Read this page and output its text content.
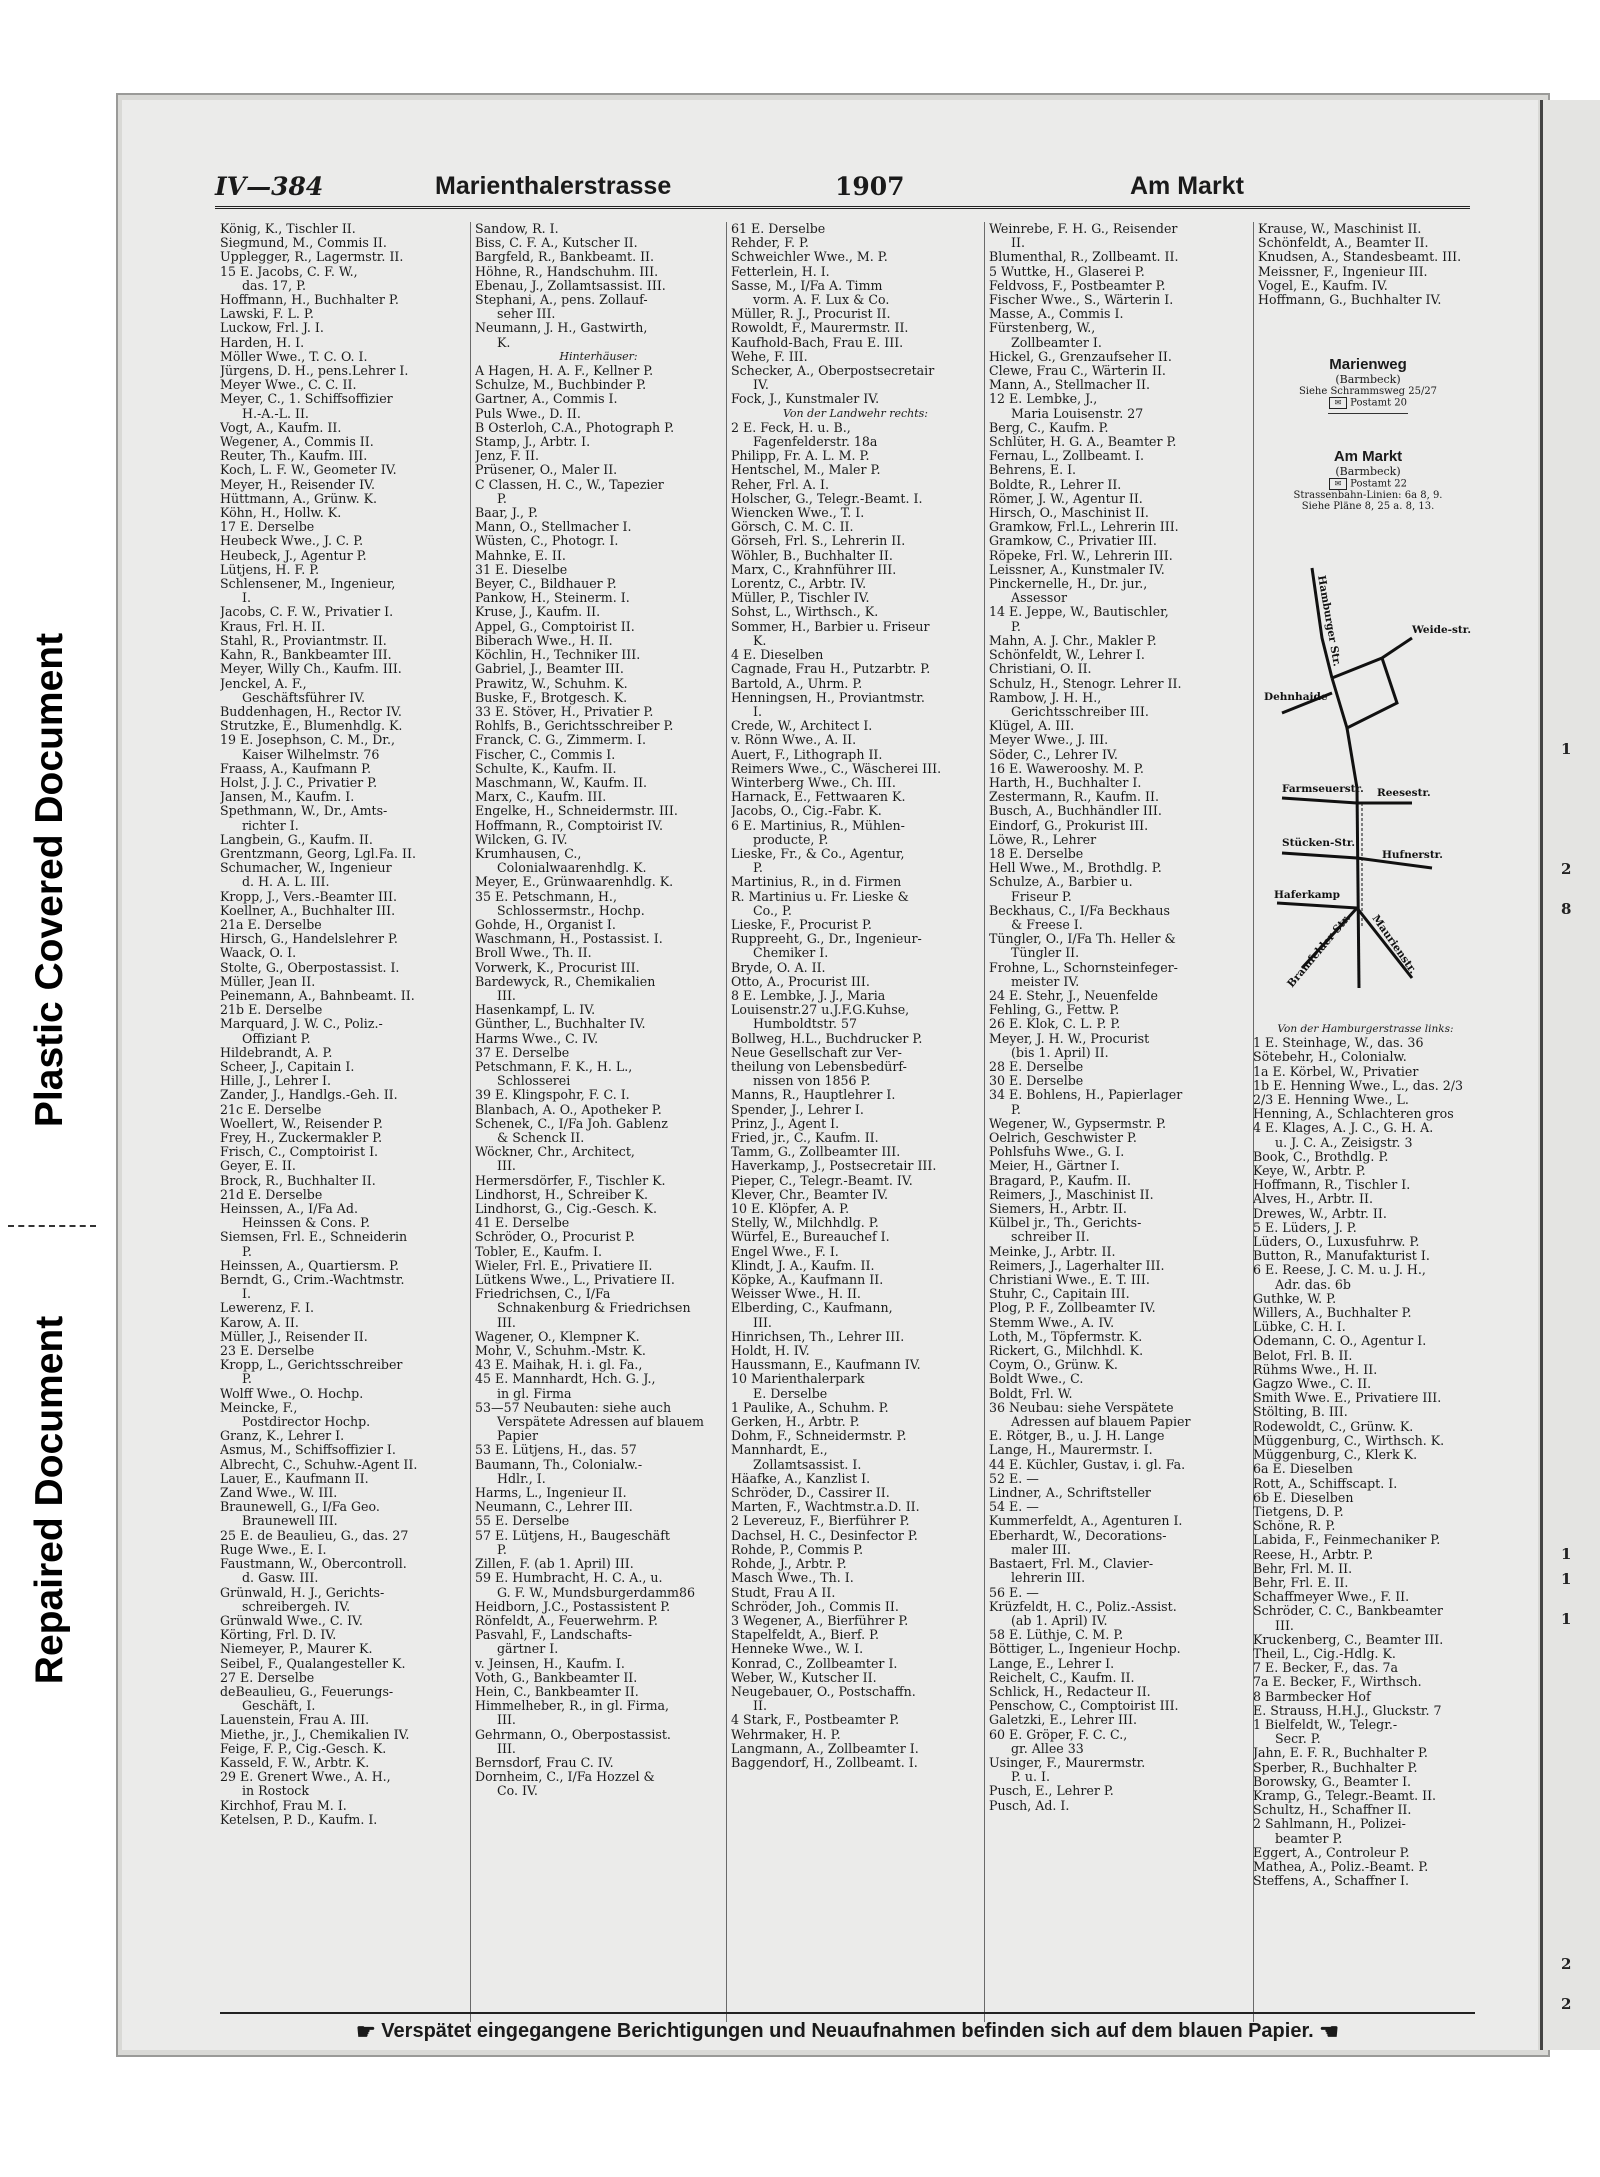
Plastic Covered Document
Repaired Document
1
2
8
1
1
1
2
2
IV—384	Marienthalerstrasse	1907	Am Markt
König, K., Tischler II.
Siegmund, M., Commis II.
Upplegger, R., Lagermstr. II.
15 E. Jacobs, C. F. W.,
das. 17, P.
Hoffmann, H., Buchhalter P.
Lawski, F. L. P.
Luckow, Frl. J. I.
Harden, H. I.
Möller Wwe., T. C. O. I.
Jürgens, D. H., pens.Lehrer I.
Meyer Wwe., C. C. II.
Meyer, C., 1. Schiffsoffizier
H.-A.-L. II.
Vogt, A., Kaufm. II.
Wegener, A., Commis II.
Reuter, Th., Kaufm. III.
Koch, L. F. W., Geometer IV.
Meyer, H., Reisender IV.
Hüttmann, A., Grünw. K.
Köhn, H., Hollw. K.
17 E. Derselbe
Heubeck Wwe., J. C. P.
Heubeck, J., Agentur P.
Lütjens, H. F. P.
Schlensener, M., Ingenieur,
I.
Jacobs, C. F. W., Privatier I.
Kraus, Frl. H. II.
Stahl, R., Proviantmstr. II.
Kahn, R., Bankbeamter III.
Meyer, Willy Ch., Kaufm. III.
Jenckel, A. F.,
Geschäftsführer IV.
Buddenhagen, H., Rector IV.
Strutzke, E., Blumenhdlg. K.
19 E. Josephson, C. M., Dr.,
Kaiser Wilhelmstr. 76
Fraass, A., Kaufmann P.
Holst, J. J. C., Privatier P.
Jansen, M., Kaufm. I.
Spethmann, W., Dr., Amts-
richter I.
Langbein, G., Kaufm. II.
Grentzmann, Georg, Lgl.Fa. II.
Schumacher, W., Ingenieur
d. H. A. L. III.
Kropp, J., Vers.-Beamter III.
Koellner, A., Buchhalter III.
21a E. Derselbe
Hirsch, G., Handelslehrer P.
Waack, O. I.
Stolte, G., Oberpostassist. I.
Müller, Jean II.
Peinemann, A., Bahnbeamt. II.
21b E. Derselbe
Marquard, J. W. C., Poliz.-
Offiziant P.
Hildebrandt, A. P.
Scheer, J., Capitain I.
Hille, J., Lehrer I.
Zander, J., Handlgs.-Geh. II.
21c E. Derselbe
Woellert, W., Reisender P.
Frey, H., Zuckermakler P.
Frisch, C., Comptoirist I.
Geyer, E. II.
Brock, R., Buchhalter II.
21d E. Derselbe
Heinssen, A., I/Fa Ad.
Heinssen & Cons. P.
Siemsen, Frl. E., Schneiderin
P.
Heinssen, A., Quartiersm. P.
Berndt, G., Crim.-Wachtmstr.
I.
Lewerenz, F. I.
Karow, A. II.
Müller, J., Reisender II.
23 E. Derselbe
Kropp, L., Gerichtsschreiber
P.
Wolff Wwe., O. Hochp.
Meincke, F.,
Postdirector Hochp.
Granz, K., Lehrer I.
Asmus, M., Schiffsoffizier I.
Albrecht, C., Schuhw.-Agent II.
Lauer, E., Kaufmann II.
Zand Wwe., W. III.
Braunewell, G., I/Fa Geo.
Braunewell III.
25 E. de Beaulieu, G., das. 27
Ruge Wwe., E. I.
Faustmann, W., Obercontroll.
d. Gasw. III.
Grünwald, H. J., Gerichts-
schreibergeh. IV.
Grünwald Wwe., C. IV.
Körting, Frl. D. IV.
Niemeyer, P., Maurer K.
Seibel, F., Qualangesteller K.
27 E. Derselbe
deBeaulieu, G., Feuerungs-
Geschäft, I.
Lauenstein, Frau A. III.
Miethe, jr., J., Chemikalien IV.
Feige, F. P., Cig.-Gesch. K.
Kasseld, F. W., Arbtr. K.
29 E. Grenert Wwe., A. H.,
in Rostock
Kirchhof, Frau M. I.
Ketelsen, P. D., Kaufm. I.
Sandow, R. I.
Biss, C. F. A., Kutscher II.
Bargfeld, R., Bankbeamt. II.
Höhne, R., Handschuhm. III.
Ebenau, J., Zollamtsassist. III.
Stephani, A., pens. Zollauf-
seher III.
Neumann, J. H., Gastwirth,
K.
Hinterhäuser:
A Hagen, H. A. F., Kellner P.
Schulze, M., Buchbinder P.
Gartner, A., Commis I.
Puls Wwe., D. II.
B Osterloh, C.A., Photograph P.
Stamp, J., Arbtr. I.
Jenz, F. II.
Prüsener, O., Maler II.
C Classen, H. C., W., Tapezier
P.
Baar, J., P.
Mann, O., Stellmacher I.
Wüsten, C., Photogr. I.
Mahnke, E. II.
31 E. Dieselbe
Beyer, C., Bildhauer P.
Pankow, H., Steinerm. I.
Kruse, J., Kaufm. II.
Appel, G., Comptoirist II.
Biberach Wwe., H. II.
Köchlin, H., Techniker III.
Gabriel, J., Beamter III.
Prawitz, W., Schuhm. K.
Buske, F., Brotgesch. K.
33 E. Stöver, H., Privatier P.
Rohlfs, B., Gerichtsschreiber P.
Franck, C. G., Zimmerm. I.
Fischer, C., Commis I.
Schulte, K., Kaufm. II.
Maschmann, W., Kaufm. II.
Marx, C., Kaufm. III.
Engelke, H., Schneidermstr. III.
Hoffmann, R., Comptoirist IV.
Wilcken, G. IV.
Krumhausen, C.,
Colonialwaarenhdlg. K.
Meyer, E., Grünwaarenhdlg. K.
35 E. Petschmann, H.,
Schlossermstr., Hochp.
Gohde, H., Organist I.
Waschmann, H., Postassist. I.
Broll Wwe., Th. II.
Vorwerk, K., Procurist III.
Bardewyck, R., Chemikalien
III.
Hasenkampf, L. IV.
Günther, L., Buchhalter IV.
Harms Wwe., C. IV.
37 E. Derselbe
Petschmann, F. K., H. L.,
Schlosserei
39 E. Klingspohr, F. C. I.
Blanbach, A. O., Apotheker P.
Schenek, C., I/Fa Joh. Gablenz
& Schenck II.
Wöckner, Chr., Architect,
III.
Hermersdörfer, F., Tischler K.
Lindhorst, H., Schreiber K.
Lindhorst, G., Cig.-Gesch. K.
41 E. Derselbe
Schröder, O., Procurist P.
Tobler, E., Kaufm. I.
Wieler, Frl. E., Privatiere II.
Lütkens Wwe., L., Privatiere II.
Friedrichsen, C., I/Fa
Schnakenburg & Friedrichsen
III.
Wagener, O., Klempner K.
Mohr, V., Schuhm.-Mstr. K.
43 E. Maihak, H. i. gl. Fa.,
45 E. Mannhardt, Hch. G. J.,
in gl. Firma
53—57 Neubauten: siehe auch
Verspätete Adressen auf blauem
Papier
53 E. Lütjens, H., das. 57
Baumann, Th., Colonialw.-
Hdlr., I.
Harms, L., Ingenieur II.
Neumann, C., Lehrer III.
55 E. Derselbe
57 E. Lütjens, H., Baugeschäft
P.
Zillen, F. (ab 1. April) III.
59 E. Humbracht, H. C. A., u.
G. F. W., Mundsburgerdamm86
Heidborn, J.C., Postassistent P.
Rönfeldt, A., Feuerwehrm. P.
Pasvahl, F., Landschafts-
gärtner I.
v. Jeinsen, H., Kaufm. I.
Voth, G., Bankbeamter II.
Hein, C., Bankbeamter II.
Himmelheber, R., in gl. Firma,
III.
Gehrmann, O., Oberpostassist.
III.
Bernsdorf, Frau C. IV.
Dornheim, C., I/Fa Hozzel &
Co. IV.
61 E. Derselbe
Rehder, F. P.
Schweichler Wwe., M. P.
Fetterlein, H. I.
Sasse, M., I/Fa A. Timm
vorm. A. F. Lux & Co.
Müller, R. J., Procurist II.
Rowoldt, F., Maurermstr. II.
Kaufhold-Bach, Frau E. III.
Wehe, F. III.
Schecker, A., Oberpostsecretair
IV.
Fock, J., Kunstmaler IV.
Von der Landwehr rechts:
2 E. Feck, H. u. B.,
Fagenfelderstr. 18a
Philipp, Fr. A. L. M. P.
Hentschel, M., Maler P.
Reher, Frl. A. I.
Holscher, G., Telegr.-Beamt. I.
Wiencken Wwe., T. I.
Görsch, C. M. C. II.
Görseh, Frl. S., Lehrerin II.
Wöhler, B., Buchhalter II.
Marx, C., Krahnführer III.
Lorentz, C., Arbtr. IV.
Müller, P., Tischler IV.
Sohst, L., Wirthsch., K.
Sommer, H., Barbier u. Friseur
K.
4 E. Dieselben
Cagnade, Frau H., Putzarbtr. P.
Bartold, A., Uhrm. P.
Henningsen, H., Proviantmstr.
I.
Crede, W., Architect I.
v. Rönn Wwe., A. II.
Auert, F., Lithograph II.
Reimers Wwe., C., Wäscherei III.
Winterberg Wwe., Ch. III.
Harnack, E., Fettwaaren K.
Jacobs, O., Cig.-Fabr. K.
6 E. Martinius, R., Mühlen-
producte, P.
Lieske, Fr., & Co., Agentur,
P.
Martinius, R., in d. Firmen
R. Martinius u. Fr. Lieske &
Co., P.
Lieske, F., Procurist P.
Ruppreeht, G., Dr., Ingenieur-
Chemiker I.
Bryde, O. A. II.
Otto, A., Procurist III.
8 E. Lembke, J. J., Maria
Louisenstr.27 u.J.F.G.Kuhse,
Humboldtstr. 57
Bollweg, H.L., Buchdrucker P.
Neue Gesellschaft zur Ver-
theilung von Lebensbedürf-
nissen von 1856 P.
Manns, R., Hauptlehrer I.
Spender, J., Lehrer I.
Prinz, J., Agent I.
Fried, jr., C., Kaufm. II.
Tamm, G., Zollbeamter III.
Haverkamp, J., Postsecretair III.
Pieper, C., Telegr.-Beamt. IV.
Klever, Chr., Beamter IV.
10 E. Klöpfer, A. P.
Stelly, W., Milchhdlg. P.
Würfel, E., Bureauchef I.
Engel Wwe., F. I.
Klindt, J. A., Kaufm. II.
Köpke, A., Kaufmann II.
Weisser Wwe., H. II.
Elberding, C., Kaufmann,
III.
Hinrichsen, Th., Lehrer III.
Holdt, H. IV.
Haussmann, E., Kaufmann IV.
10 Marienthalerpark
E. Derselbe
1 Paulike, A., Schuhm. P.
Gerken, H., Arbtr. P.
Dohm, F., Schneidermstr. P.
Mannhardt, E.,
Zollamtsassist. I.
Häafke, A., Kanzlist I.
Schröder, D., Cassirer II.
Marten, F., Wachtmstr.a.D. II.
2 Levereuz, F., Bierführer P.
Dachsel, H. C., Desinfector P.
Rohde, P., Commis P.
Rohde, J., Arbtr. P.
Masch Wwe., Th. I.
Studt, Frau A II.
Schröder, Joh., Commis II.
3 Wegener, A., Bierführer P.
Stapelfeldt, A., Bierf. P.
Henneke Wwe., W. I.
Konrad, C., Zollbeamter I.
Weber, W., Kutscher II.
Neugebauer, O., Postschaffn.
II.
4 Stark, F., Postbeamter P.
Wehrmaker, H. P.
Langmann, A., Zollbeamter I.
Baggendorf, H., Zollbeamt. I.
Weinrebe, F. H. G., Reisender
II.
Blumenthal, R., Zollbeamt. II.
5 Wuttke, H., Glaserei P.
Feldvoss, F., Postbeamter P.
Fischer Wwe., S., Wärterin I.
Masse, A., Commis I.
Fürstenberg, W.,
Zollbeamter I.
Hickel, G., Grenzaufseher II.
Clewe, Frau C., Wärterin II.
Mann, A., Stellmacher II.
12 E. Lembke, J.,
Maria Louisenstr. 27
Berg, C., Kaufm. P.
Schlüter, H. G. A., Beamter P.
Fernau, L., Zollbeamt. I.
Behrens, E. I.
Boldte, R., Lehrer II.
Römer, J. W., Agentur II.
Hirsch, O., Maschinist II.
Gramkow, Frl.L., Lehrerin III.
Gramkow, C., Privatier III.
Röpeke, Frl. W., Lehrerin III.
Leissner, A., Kunstmaler IV.
Pinckernelle, H., Dr. jur.,
Assessor
14 E. Jeppe, W., Bautischler,
P.
Mahn, A. J. Chr., Makler P.
Schönfeldt, W., Lehrer I.
Christiani, O. II.
Schulz, H., Stenogr. Lehrer II.
Rambow, J. H. H.,
Gerichtsschreiber III.
Klügel, A. III.
Meyer Wwe., J. III.
Söder, C., Lehrer IV.
16 E. Wawerooshy. M. P.
Harth, H., Buchhalter I.
Zestermann, R., Kaufm. II.
Busch, A., Buchhändler III.
Eindorf, G., Prokurist III.
Löwe, R., Lehrer
18 E. Derselbe
Hell Wwe., M., Brothdlg. P.
Schulze, A., Barbier u.
Friseur P.
Beckhaus, C., I/Fa Beckhaus
& Freese I.
Tüngler, O., I/Fa Th. Heller &
Tüngler II.
Frohne, L., Schornsteinfeger-
meister IV.
24 E. Stehr, J., Neuenfelde
Fehling, G., Fettw. P.
26 E. Klok, C. L. P. P.
Meyer, J. H. W., Procurist
(bis 1. April) II.
28 E. Derselbe
30 E. Derselbe
34 E. Bohlens, H., Papierlager
P.
Wegener, W., Gypsermstr. P.
Oelrich, Geschwister P.
Pohlsfuhs Wwe., G. I.
Meier, H., Gärtner I.
Bragard, P., Kaufm. II.
Reimers, J., Maschinist II.
Siemers, H., Arbtr. II.
Külbel jr., Th., Gerichts-
schreiber II.
Meinke, J., Arbtr. II.
Reimers, J., Lagerhalter III.
Christiani Wwe., E. T. III.
Stuhr, C., Capitain III.
Plog, P. F., Zollbeamter IV.
Stemm Wwe., A. IV.
Loth, M., Töpfermstr. K.
Rickert, G., Milchhdl. K.
Coym, O., Grünw. K.
Boldt Wwe., C.
Boldt, Frl. W.
36 Neubau: siehe Verspätete
Adressen auf blauem Papier
E. Rötger, B., u. J. H. Lange
Lange, H., Maurermstr. I.
44 E. Küchler, Gustav, i. gl. Fa.
52 E. —
Lindner, A., Schriftsteller
54 E. —
Kummerfeldt, A., Agenturen I.
Eberhardt, W., Decorations-
maler III.
Bastaert, Frl. M., Clavier-
lehrerin III.
56 E. —
Krüzfeldt, H. C., Poliz.-Assist.
(ab 1. April) IV.
58 E. Lüthje, C. M. P.
Böttiger, L., Ingenieur Hochp.
Lange, E., Lehrer I.
Reichelt, C., Kaufm. II.
Schlick, H., Redacteur II.
Penschow, C., Comptoirist III.
Galetzki, E., Lehrer III.
60 E. Gröper, F. C. C.,
gr. Allee 33
Usinger, F., Maurermstr.
P. u. I.
Pusch, E., Lehrer P.
Pusch, Ad. I.
Krause, W., Maschinist II.
Schönfeldt, A., Beamter II.
Knudsen, A., Standesbeamt. III.
Meissner, F., Ingenieur III.
Vogel, E., Kaufm. IV.
Hoffmann, G., Buchhalter IV.
Marienweg
(Barmbeck)
Siehe Schrammsweg 25/27
✉ Postamt 20
Am Markt
(Barmbeck)
✉ Postamt 22
Strassenbahn-Linien: 6a 8, 9.
Siehe Pläne 8, 25 a. 8, 13.
Hamburger Str.	Weide-str.
Dehnhaide
Farmseuerstr. Reesestr.
Stücken-Str.
Hufnerstr.
Haferkamp
Bramfelder Str. Maurienstr.
Von der Hamburgerstrasse links:
1 E. Steinhage, W., das. 36
Sötebehr, H., Colonialw.
1a E. Körbel, W., Privatier
1b E. Henning Wwe., L., das. 2/3
2/3 E. Henning Wwe., L.
Henning, A., Schlachteren gros
4 E. Klages, A. J. C., G. H. A.
u. J. C. A., Zeisigstr. 3
Book, C., Brothdlg. P.
Keye, W., Arbtr. P.
Hoffmann, R., Tischler I.
Alves, H., Arbtr. II.
Drewes, W., Arbtr. II.
5 E. Lüders, J. P.
Lüders, O., Luxusfuhrw. P.
Button, R., Manufakturist I.
6 E. Reese, J. C. M. u. J. H.,
Adr. das. 6b
Guthke, W. P.
Willers, A., Buchhalter P.
Lübke, C. H. I.
Odemann, C. O., Agentur I.
Belot, Frl. B. II.
Rühms Wwe., H. II.
Gagzo Wwe., C. II.
Smith Wwe. E., Privatiere III.
Stölting, B. III.
Rodewoldt, C., Grünw. K.
Müggenburg, C., Wirthsch. K.
Müggenburg, C., Klerk K.
6a E. Dieselben
Rott, A., Schiffscapt. I.
6b E. Dieselben
Tietgens, D. P.
Schöne, R. P.
Labida, F., Feinmechaniker P.
Reese, H., Arbtr. P.
Behr, Frl. M. II.
Behr, Frl. E. II.
Schaffmeyer Wwe., F. II.
Schröder, C. C., Bankbeamter
III.
Kruckenberg, C., Beamter III.
Theil, L., Cig.-Hdlg. K.
7 E. Becker, F., das. 7a
7a E. Becker, F., Wirthsch.
8 Barmbecker Hof
E. Strauss, H.H.J., Gluckstr. 7
1 Bielfeldt, W., Telegr.-
Secr. P.
Jahn, E. F. R., Buchhalter P.
Sperber, R., Buchhalter P.
Borowsky, G., Beamter I.
Kramp, G., Telegr.-Beamt. II.
Schultz, H., Schaffner II.
2 Sahlmann, H., Polizei-
beamter P.
Eggert, A., Controleur P.
Mathea, A., Poliz.-Beamt. P.
Steffens, A., Schaffner I.
☛ Verspätet eingegangene Berichtigungen und Neuaufnahmen befinden sich auf dem blauen Papier. ☚
